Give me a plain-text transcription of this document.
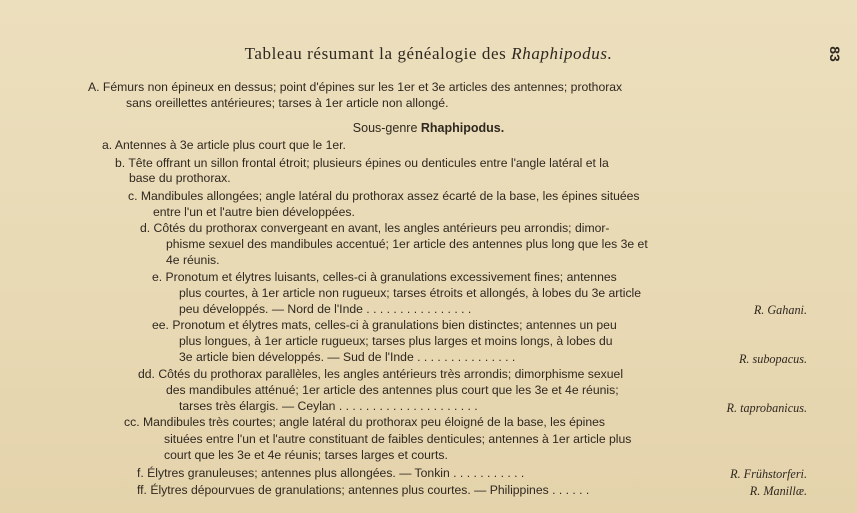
Tableau résumant la généalogie des Rhaphipodus.	83
A. Fémurs non épineux en dessus; point d'épines sur les 1er et 3e articles des antennes; prothorax
sans oreillettes antérieures; tarses à 1er article non allongé.
Sous-genre Rhaphipodus.
a. Antennes à 3e article plus court que le 1er.
b. Tête offrant un sillon frontal étroit; plusieurs épines ou denticules entre l'angle latéral et la
base du prothorax.
c. Mandibules allongées; angle latéral du prothorax assez écarté de la base, les épines situées
entre l'un et l'autre bien développées.
d. Côtés du prothorax convergeant en avant, les angles antérieurs peu arrondis; dimor-
phisme sexuel des mandibules accentué; 1er article des antennes plus long que les 3e et
4e réunis.
e. Pronotum et élytres luisants, celles-ci à granulations excessivement fines; antennes
plus courtes, à 1er article non rugueux; tarses étroits et allongés, à lobes du 3e article
peu développés. — Nord de l'Inde . . . . . . . . . . . . . . . .	R. Gahani.
ee. Pronotum et élytres mats, celles-ci à granulations bien distinctes; antennes un peu
plus longues, à 1er article rugueux; tarses plus larges et moins longs, à lobes du
3e article bien développés. — Sud de l'Inde . . . . . . . . . . . . . . .	R. subopacus.
dd. Côtés du prothorax parallèles, les angles antérieurs très arrondis; dimorphisme sexuel
des mandibules atténué; 1er article des antennes plus court que les 3e et 4e réunis;
tarses très élargis. — Ceylan . . . . . . . . . . . . . . . . . . . . .	R. taprobanicus.
cc. Mandibules très courtes; angle latéral du prothorax peu éloigné de la base, les épines
situées entre l'un et l'autre constituant de faibles denticules; antennes à 1er article plus
court que les 3e et 4e réunis; tarses larges et courts.
f. Élytres granuleuses; antennes plus allongées. — Tonkin . . . . . . . . . . .	R. Frühstorferi.
ff. Élytres dépourvues de granulations; antennes plus courtes. — Philippines . . . . . .	R. Manillæ.
